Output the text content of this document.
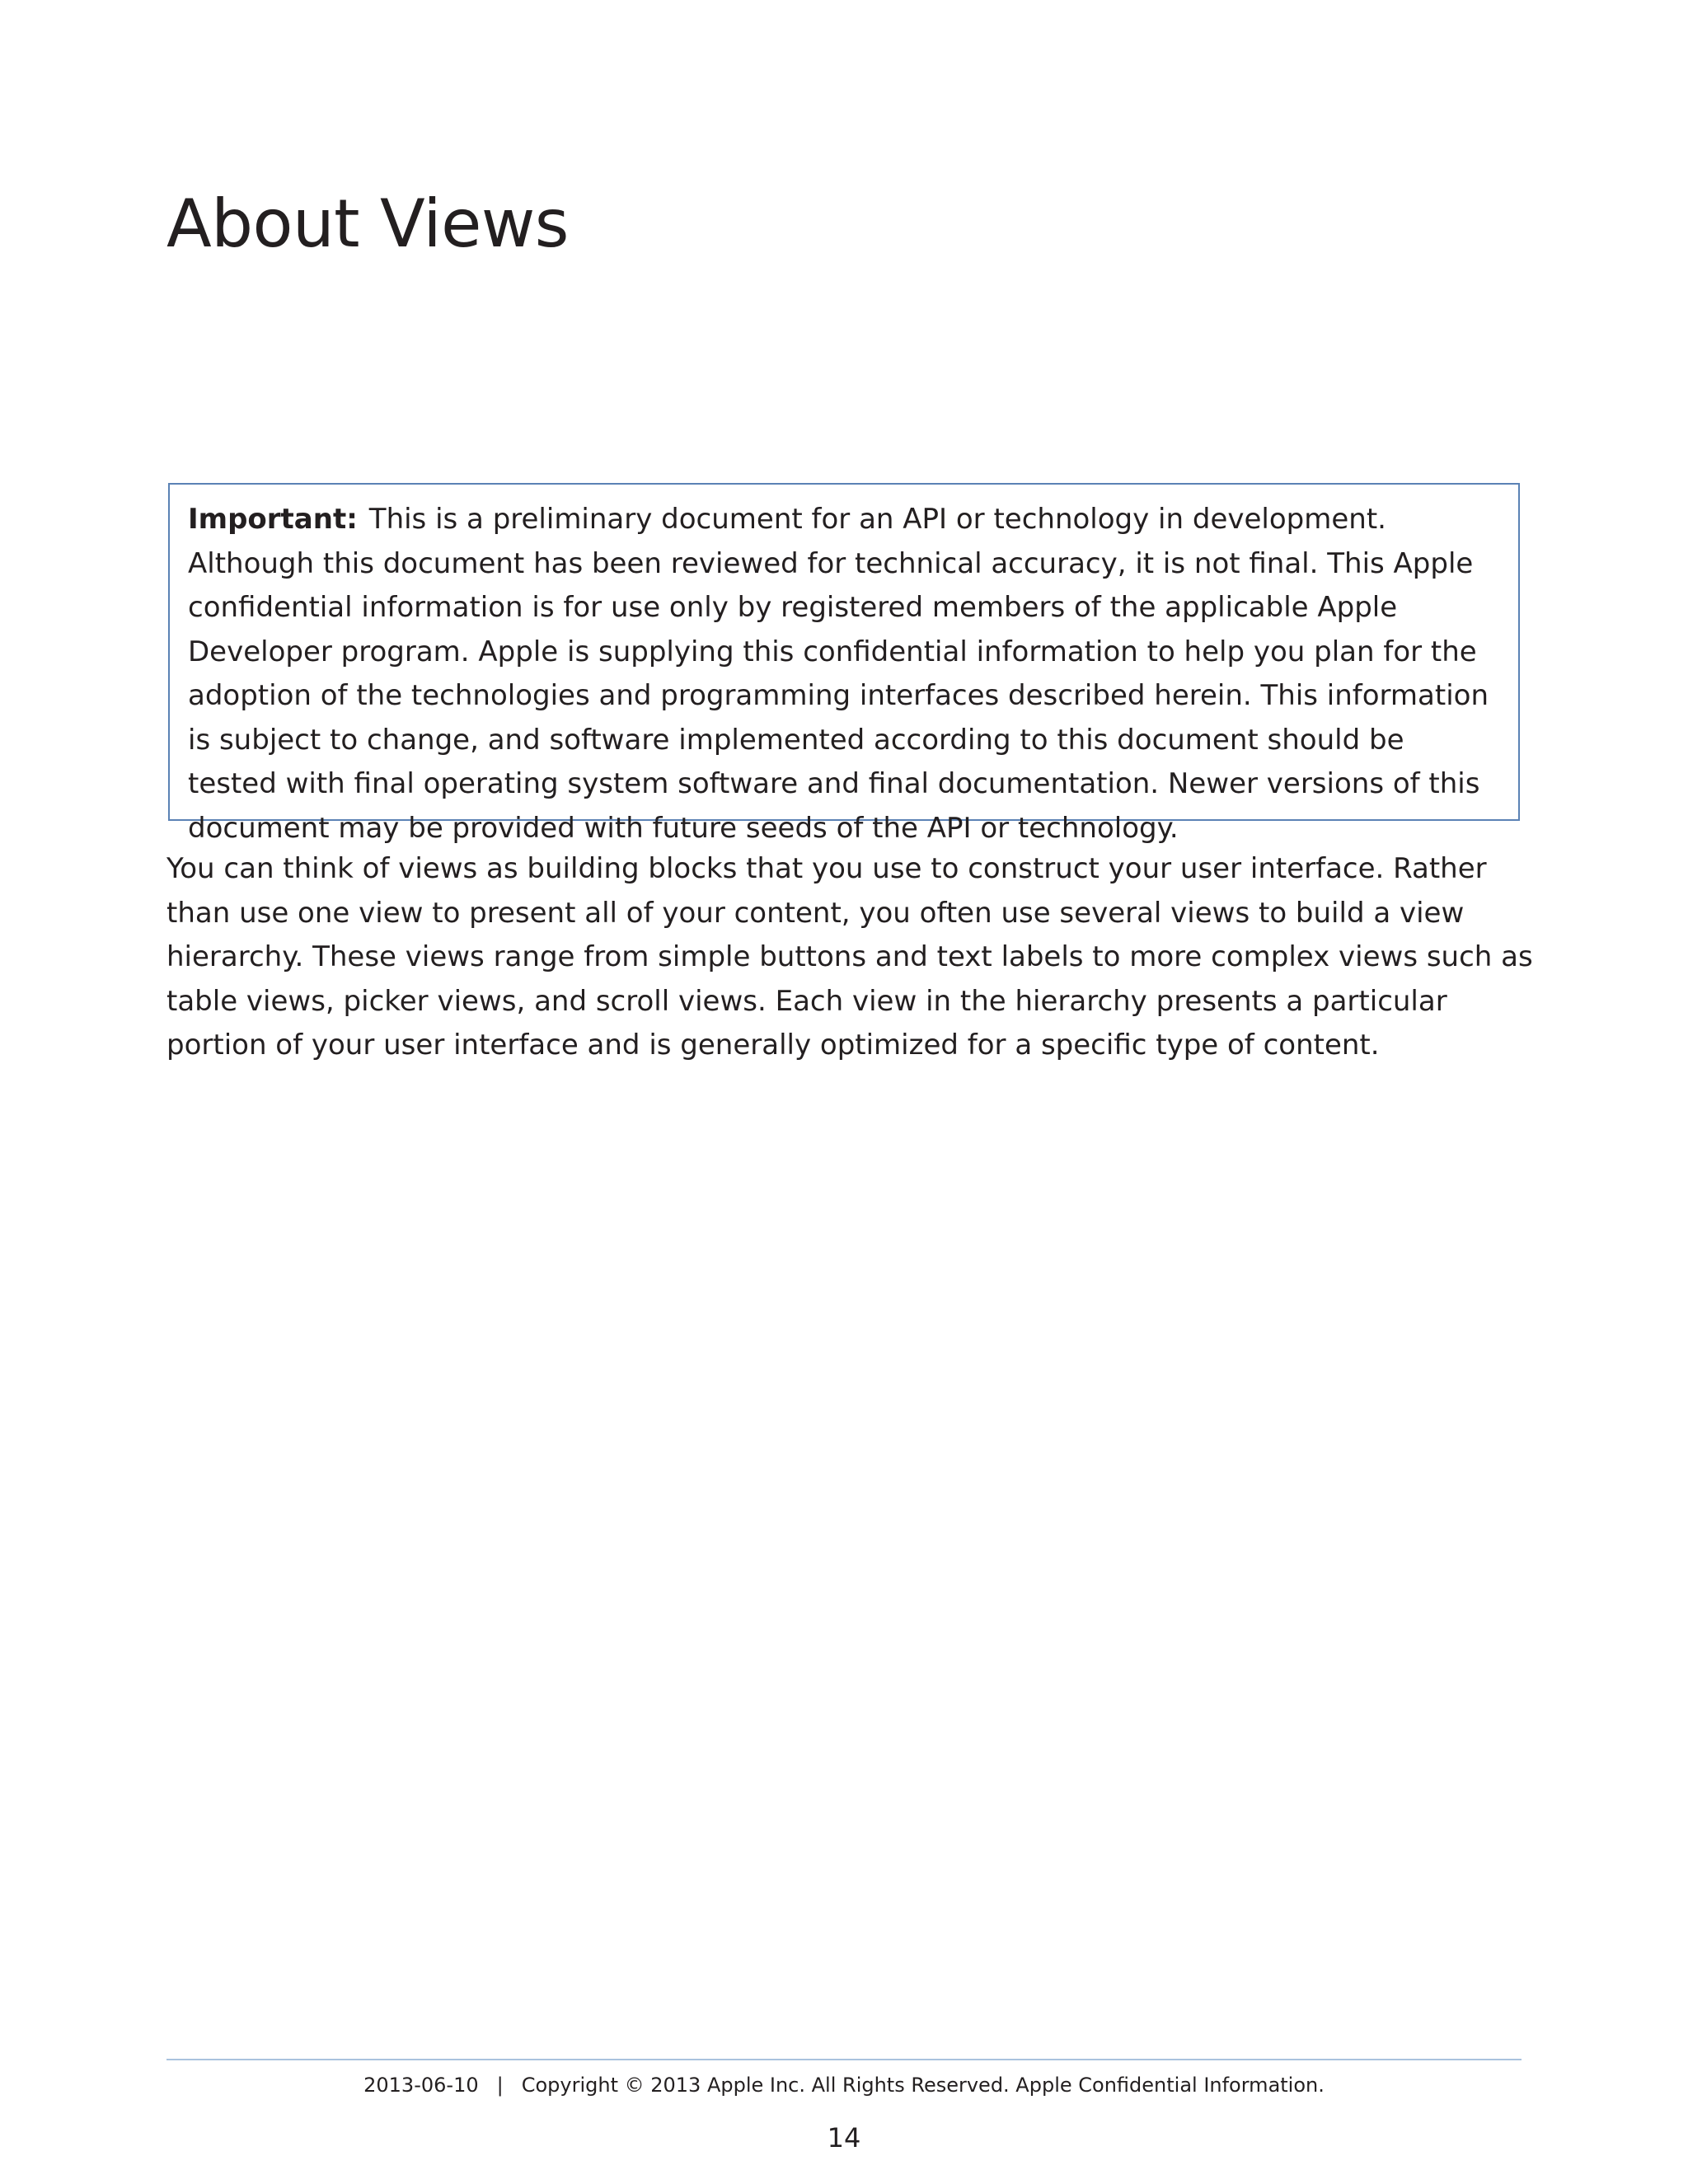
About Views
Important: This is a preliminary document for an API or technology in development. Although this document has been reviewed for technical accuracy, it is not final. This Apple confidential information is for use only by registered members of the applicable Apple Developer program. Apple is supplying this confidential information to help you plan for the adoption of the technologies and programming interfaces described herein. This information is subject to change, and software implemented according to this document should be tested with final operating system software and final documentation. Newer versions of this document may be provided with future seeds of the API or technology.

You can think of views as building blocks that you use to construct your user interface. Rather than use one view to present all of your content, you often use several views to build a view hierarchy. These views range from simple buttons and text labels to more complex views such as table views, picker views, and scroll views. Each view in the hierarchy presents a particular portion of your user interface and is generally optimized for a specific type of content.

2013-06-10 | Copyright © 2013 Apple Inc. All Rights Reserved. Apple Confidential Information.
14
